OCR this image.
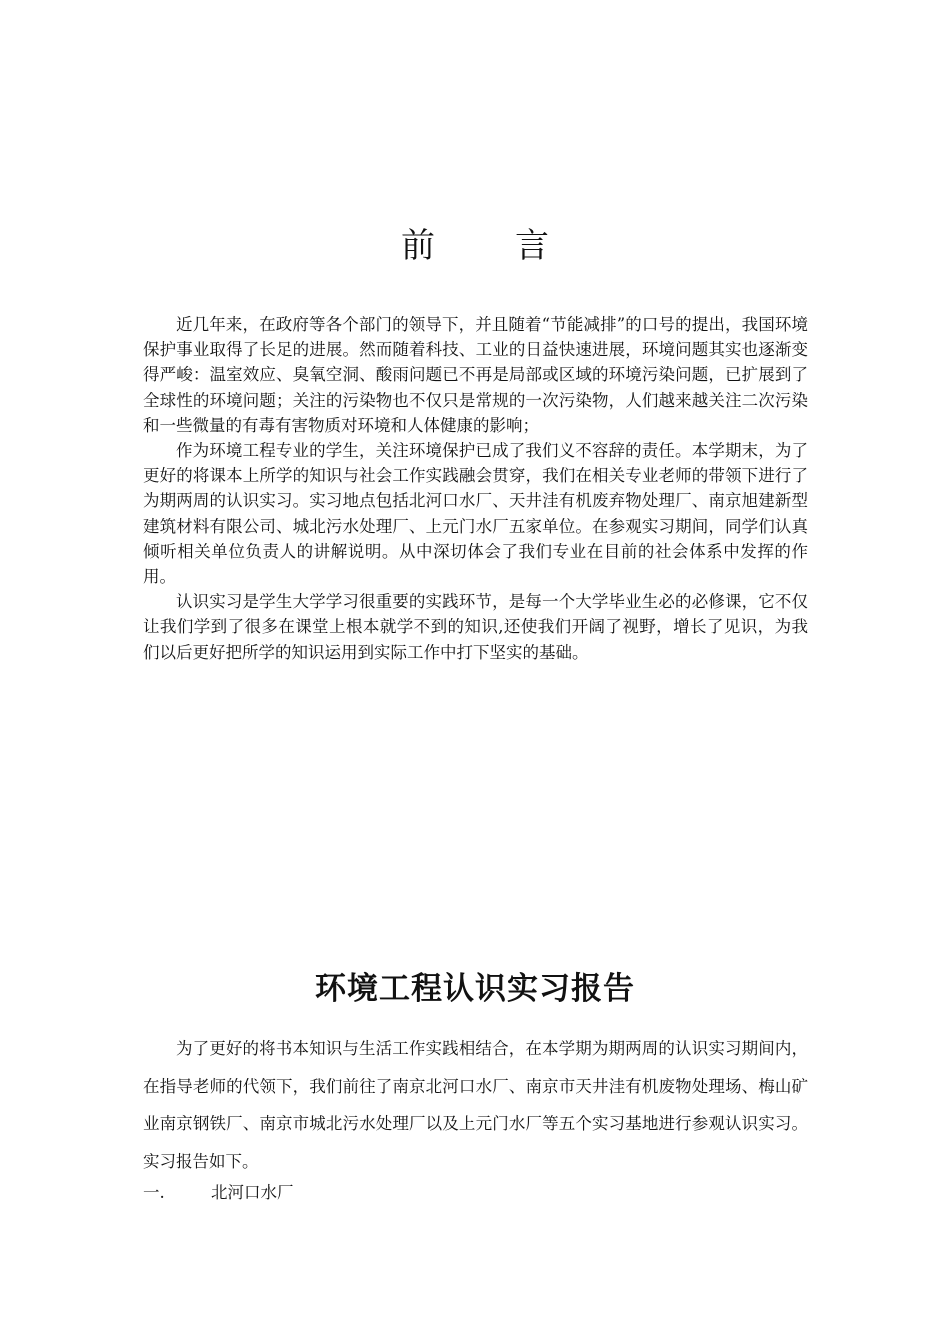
前言

近几年来，在政府等各个部门的领导下，并且随着“节能减排”的口号的提出，我国环境保护事业取得了长足的进展。然而随着科技、工业的日益快速进展，环境问题其实也逐渐变得严峻：温室效应、臭氧空洞、酸雨问题已不再是局部或区域的环境污染问题，已扩展到了全球性的环境问题；关注的污染物也不仅只是常规的一次污染物，人们越来越关注二次污染和一些微量的有毒有害物质对环境和人体健康的影响；

作为环境工程专业的学生，关注环境保护已成了我们义不容辞的责任。本学期末，为了更好的将课本上所学的知识与社会工作实践融会贯穿，我们在相关专业老师的带领下进行了为期两周的认识实习。实习地点包括北河口水厂、天井洼有机废弃物处理厂、南京旭建新型建筑材料有限公司、城北污水处理厂、上元门水厂五家单位。在参观实习期间，同学们认真倾听相关单位负责人的讲解说明。从中深切体会了我们专业在目前的社会体系中发挥的作用。

认识实习是学生大学学习很重要的实践环节，是每一个大学毕业生必的必修课，它不仅让我们学到了很多在课堂上根本就学不到的知识,还使我们开阔了视野，增长了见识，为我们以后更好把所学的知识运用到实际工作中打下坚实的基础。

环境工程认识实习报告

为了更好的将书本知识与生活工作实践相结合，在本学期为期两周的认识实习期间内，在指导老师的代领下，我们前往了南京北河口水厂、南京市天井洼有机废物处理场、梅山矿业南京钢铁厂、南京市城北污水处理厂以及上元门水厂等五个实习基地进行参观认识实习。实习报告如下。

一.	北河口水厂
